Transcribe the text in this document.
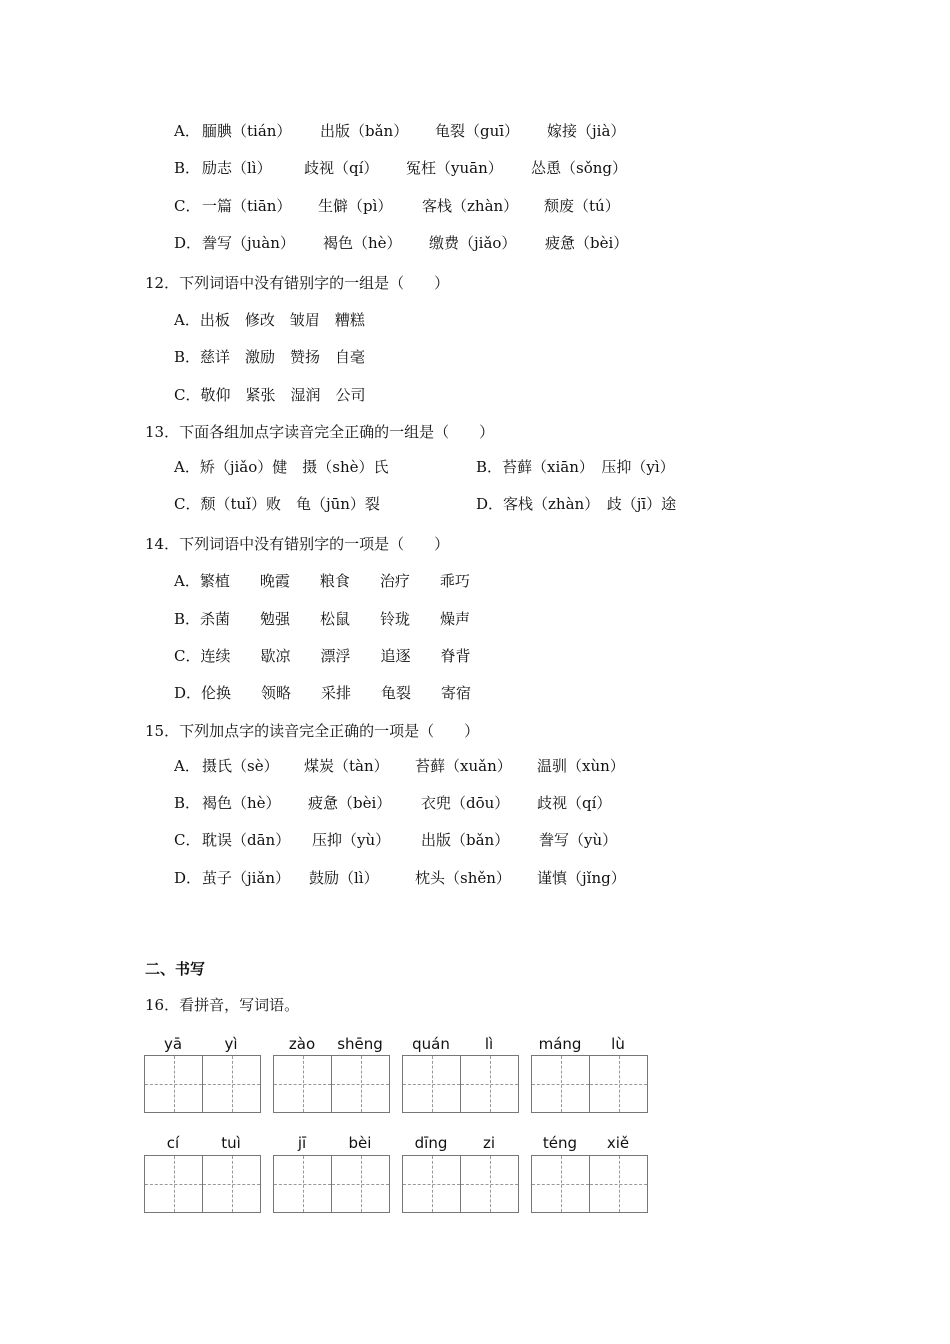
A． 腼腆（tián） 出版（bǎn） 龟裂（guī） 嫁接（jià）
B． 励志（lì） 歧视（qí） 冤枉（yuān） 怂恿（sǒng）
C． 一篇（tiān） 生僻（pì） 客栈（zhàn） 颓废（tú）
D． 誊写（juàn） 褐色（hè） 缴费（jiǎo） 疲惫（bèi）
12．下列词语中没有错别字的一组是（　　）
A．出板　修改　皱眉　糟糕
B．慈详　激励　赞扬　自毫
C．敬仰　紧张　湿润　公司
13．下面各组加点字读音完全正确的一组是（　　）
A．矫（jiǎo）健　摄（shè）氏	B．苔藓（xiān）　压抑（yì）
C．颓（tuǐ）败　龟（jūn）裂	D．客栈（zhàn）　歧（jī）途
14．下列词语中没有错别字的一项是（　　）
A．繁植　　晚霞　　粮食　　治疗　　乖巧
B．杀菌　　勉强　　松鼠　　铃珑　　燥声
C．连续　　歇凉　　漂浮　　追逐　　脊背
D．伦换　　领略　　采排　　龟裂　　寄宿
15．下列加点字的读音完全正确的一项是（　　）
A． 摄氏（sè） 煤炭（tàn） 苔藓（xuǎn） 温驯（xùn）
B． 褐色（hè） 疲惫（bèi） 衣兜（dōu） 歧视（qí）
C． 耽误（dān） 压抑（yù） 出版（bǎn） 誊写（yù）
D． 茧子（jiǎn） 鼓励（lì） 枕头（shěn） 谨慎（jǐng）
二、书写
16．看拼音，写词语。
yā	yì	zào	shēng	quán	lì	máng	lù
cí	tuì	jī	bèi	dīng	zi	téng	xiě
